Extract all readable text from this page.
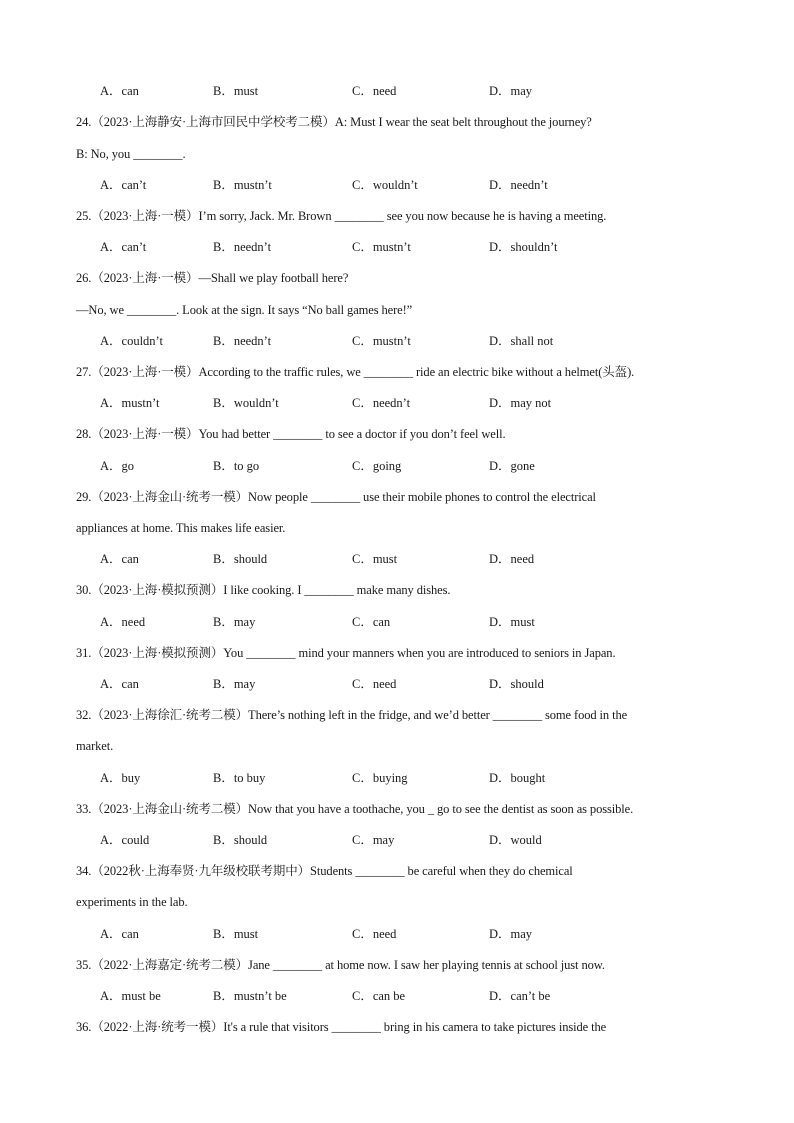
A．can	B．must	C．need	D．may
24.（2023·上海静安·上海市回民中学校考二模）A: Must I wear the seat belt throughout the journey?
B: No, you ________.
A．can’t	B．mustn’t	C．wouldn’t	D．needn’t
25.（2023·上海·一模）I’m sorry, Jack. Mr. Brown ________ see you now because he is having a meeting.
A．can’t	B．needn’t	C．mustn’t	D．shouldn’t
26.（2023·上海·一模）—Shall we play football here?
—No, we ________. Look at the sign. It says “No ball games here!”
A．couldn’t	B．needn’t	C．mustn’t	D．shall not
27.（2023·上海·一模）According to the traffic rules, we ________ ride an electric bike without a helmet(头盔).
A．mustn’t	B．wouldn’t	C．needn’t	D．may not
28.（2023·上海·一模）You had better ________ to see a doctor if you don’t feel well.
A．go	B．to go	C．going	D．gone
29.（2023·上海金山·统考一模）Now people ________ use their mobile phones to control the electrical
appliances at home. This makes life easier.
A．can	B．should	C．must	D．need
30.（2023·上海·模拟预测）I like cooking. I ________ make many dishes.
A．need	B．may	C．can	D．must
31.（2023·上海·模拟预测）You ________ mind your manners when you are introduced to seniors in Japan.
A．can	B．may	C．need	D．should
32.（2023·上海徐汇·统考二模）There’s nothing left in the fridge, and we’d better ________ some food in the
market.
A．buy	B．to buy	C．buying	D．bought
33.（2023·上海金山·统考二模）Now that you have a toothache, you _ go to see the dentist as soon as possible.
A．could	B．should	C．may	D．would
34.（2022秋·上海奉贤·九年级校联考期中）Students ________ be careful when they do chemical
experiments in the lab.
A．can	B．must	C．need	D．may
35.（2022·上海嘉定·统考二模）Jane ________ at home now. I saw her playing tennis at school just now.
A．must be	B．mustn’t be	C．can be	D．can’t be
36.（2022·上海·统考一模）It's a rule that visitors ________ bring in his camera to take pictures inside the
